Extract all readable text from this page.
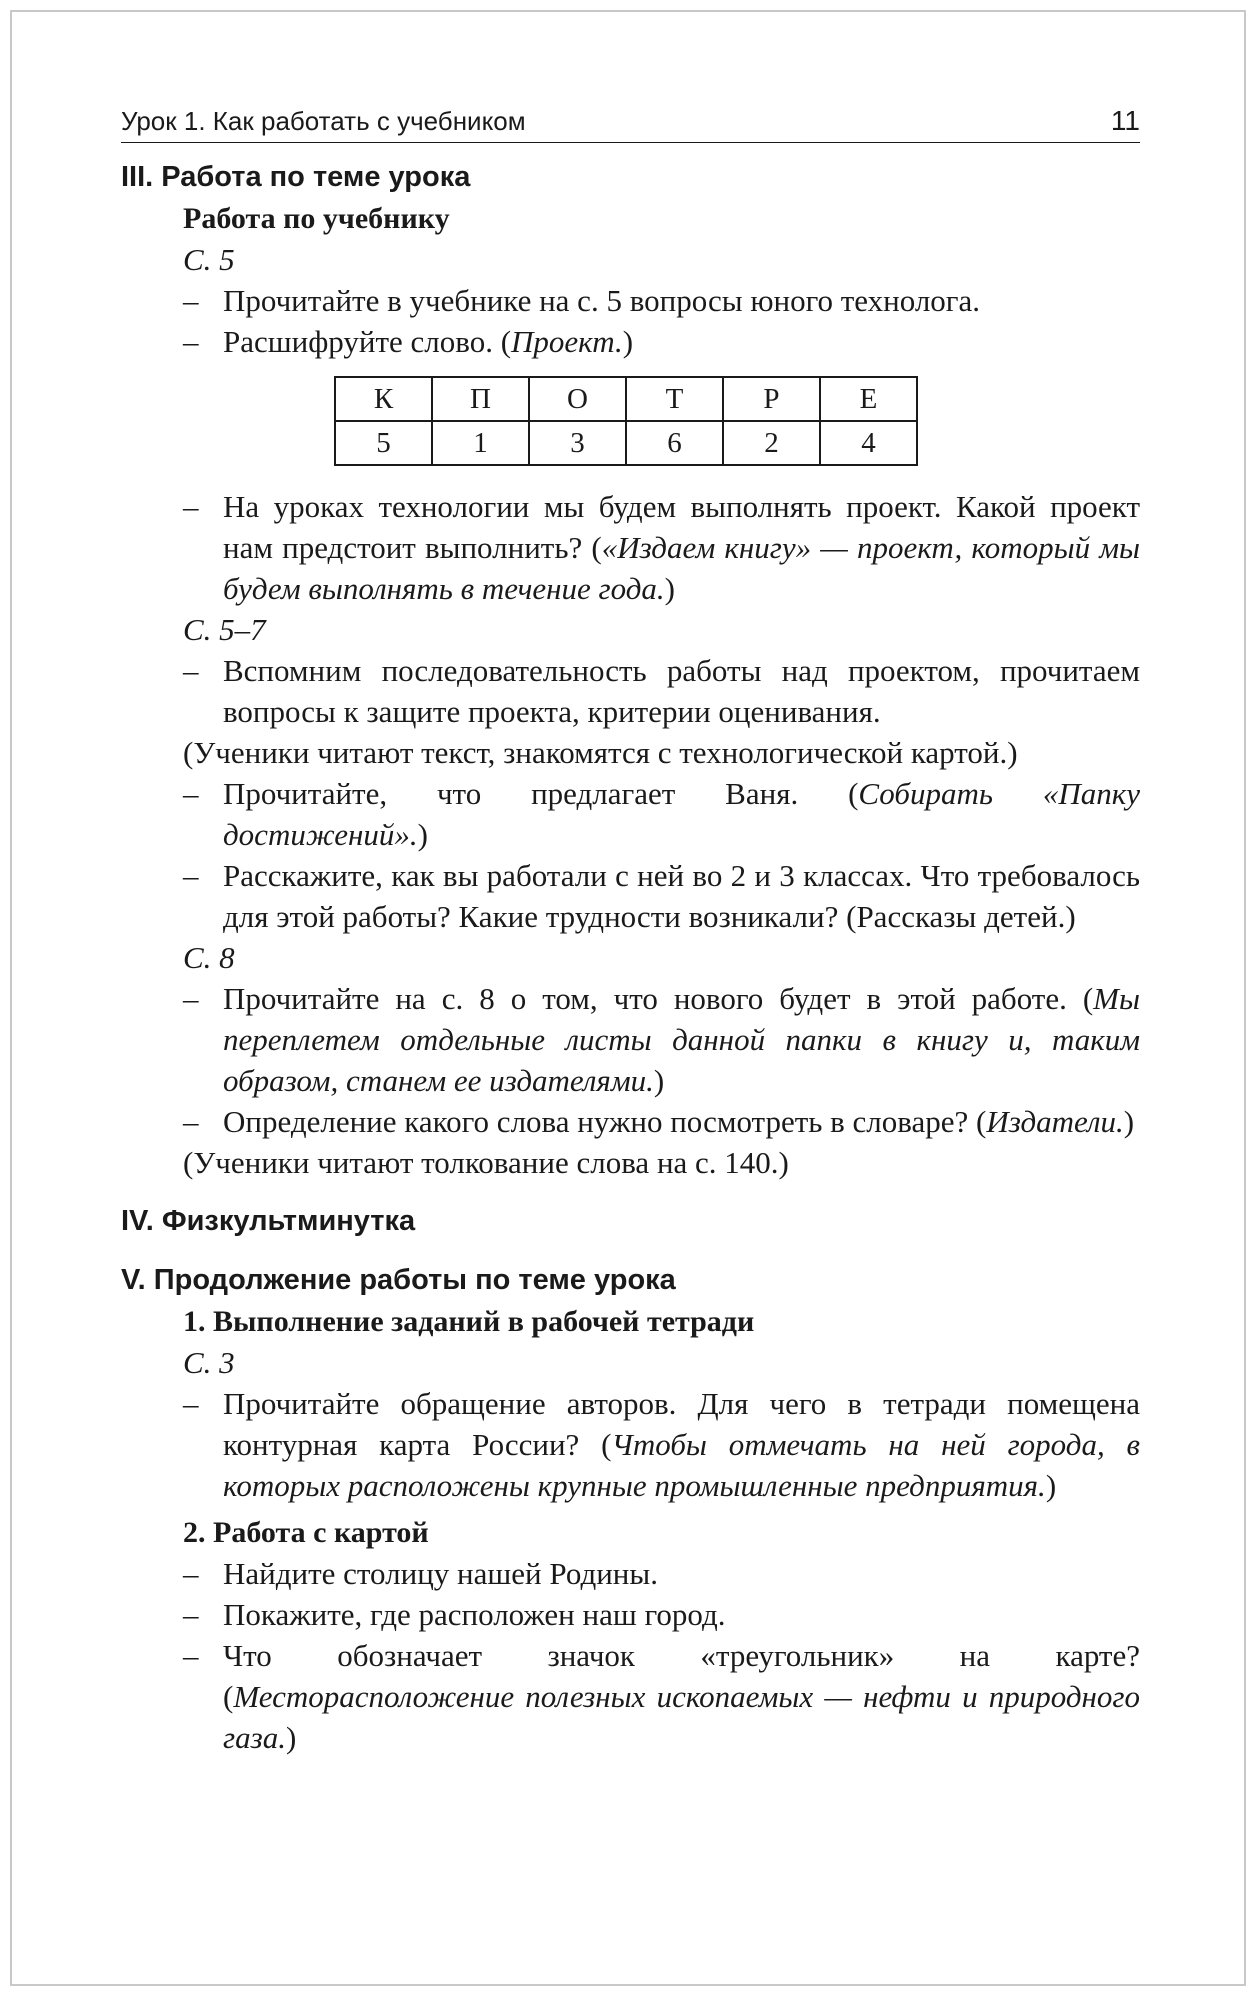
Урок 1. Как работать с учебником	11
III. Работа по теме урока

Работа по учебнику

С. 5

– Прочитайте в учебнике на с. 5 вопросы юного технолога.
– Расшифруйте слово. (Проект.)
К	П	О	Т	Р	Е
5	1	3	6	2	4
– На уроках технологии мы будем выполнять проект. Какой проект нам предстоит выполнить? («Издаем книгу» — проект, который мы будем выполнять в течение года.)

С. 5–7

– Вспомним последовательность работы над проектом, прочитаем вопросы к защите проекта, критерии оценивания.
(Ученики читают текст, знакомятся с технологической картой.)
– Прочитайте, что предлагает Ваня. (Собирать «Папку достижений».)
– Расскажите, как вы работали с ней во 2 и 3 классах. Что требовалось для этой работы? Какие трудности возникали? (Рассказы детей.)

С. 8

– Прочитайте на с. 8 о том, что нового будет в этой работе. (Мы переплетем отдельные листы данной папки в книгу и, таким образом, станем ее издателями.)
– Определение какого слова нужно посмотреть в словаре? (Издатели.)
(Ученики читают толкование слова на с. 140.)
IV. Физкультминутка
V. Продолжение работы по теме урока

1. Выполнение заданий в рабочей тетради

С. 3

– Прочитайте обращение авторов. Для чего в тетради помещена контурная карта России? (Чтобы отмечать на ней города, в которых расположены крупные промышленные предприятия.)

2. Работа с картой

– Найдите столицу нашей Родины.
– Покажите, где расположен наш город.
– Что обозначает значок «треугольник» на карте? (Месторасположение полезных ископаемых — нефти и природного газа.)
